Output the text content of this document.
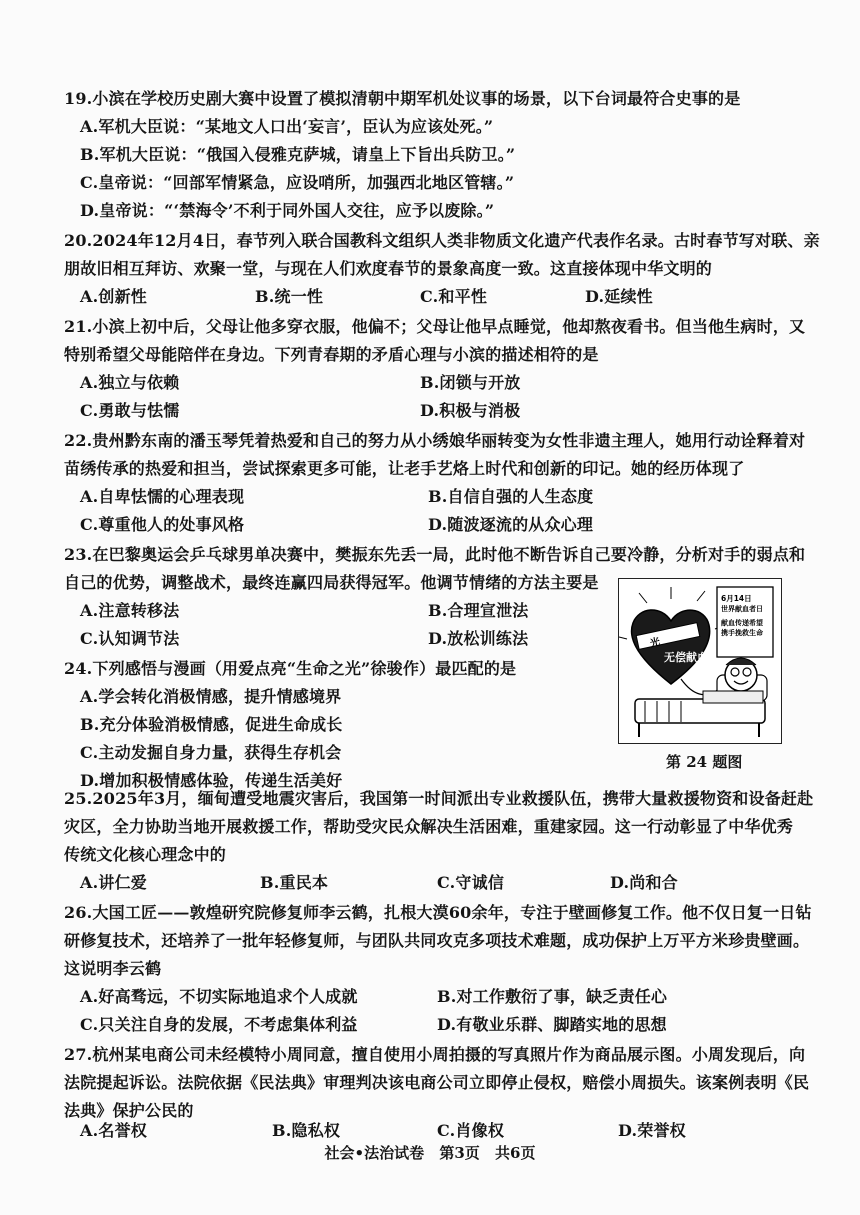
19.小滨在学校历史剧大赛中设置了模拟清朝中期军机处议事的场景，以下台词最符合史事的是
A.军机大臣说：“某地文人口出‘妄言’，臣认为应该处死。”
B.军机大臣说：“俄国入侵雅克萨城，请皇上下旨出兵防卫。”
C.皇帝说：“回部军情紧急，应设哨所，加强西北地区管辖。”
D.皇帝说：“‘禁海令’不利于同外国人交往，应予以废除。”
20.2024年12月4日，春节列入联合国教科文组织人类非物质文化遗产代表作名录。古时春节写对联、亲
朋故旧相互拜访、欢聚一堂，与现在人们欢度春节的景象高度一致。这直接体现中华文明的
A.创新性	B.统一性	C.和平性	D.延续性
21.小滨上初中后，父母让他多穿衣服，他偏不；父母让他早点睡觉，他却熬夜看书。但当他生病时，又
特别希望父母能陪伴在身边。下列青春期的矛盾心理与小滨的描述相符的是
A.独立与依赖	B.闭锁与开放
C.勇敢与怯懦	D.积极与消极
22.贵州黔东南的潘玉琴凭着热爱和自己的努力从小绣娘华丽转变为女性非遗主理人，她用行动诠释着对
苗绣传承的热爱和担当，尝试探索更多可能，让老手艺烙上时代和创新的印记。她的经历体现了
A.自卑怯懦的心理表现	B.自信自强的人生态度
C.尊重他人的处事风格	D.随波逐流的从众心理
23.在巴黎奥运会乒乓球男单决赛中，樊振东先丢一局，此时他不断告诉自己要冷静，分析对手的弱点和
自己的优势，调整战术，最终连赢四局获得冠军。他调节情绪的方法主要是
A.注意转移法	B.合理宣泄法
C.认知调节法	D.放松训练法
24.下列感悟与漫画（用爱点亮“生命之光”徐骏作）最匹配的是
A.学会转化消极情感，提升情感境界
B.充分体验消极情感，促进生命成长
C.主动发掘自身力量，获得生存机会
D.增加积极情感体验，传递生活美好
光
无偿献血
6月14日
世界献血者日
献血传递希望
携手挽救生命
第 24 题图
25.2025年3月，缅甸遭受地震灾害后，我国第一时间派出专业救援队伍，携带大量救援物资和设备赶赴
灾区，全力协助当地开展救援工作，帮助受灾民众解决生活困难，重建家园。这一行动彰显了中华优秀
传统文化核心理念中的
A.讲仁爱	B.重民本	C.守诚信	D.尚和合
26.大国工匠——敦煌研究院修复师李云鹤，扎根大漠60余年，专注于壁画修复工作。他不仅日复一日钻
研修复技术，还培养了一批年轻修复师，与团队共同攻克多项技术难题，成功保护上万平方米珍贵壁画。
这说明李云鹤
A.好高骛远，不切实际地追求个人成就	B.对工作敷衍了事，缺乏责任心
C.只关注自身的发展，不考虑集体利益	D.有敬业乐群、脚踏实地的思想
27.杭州某电商公司未经模特小周同意，擅自使用小周拍摄的写真照片作为商品展示图。小周发现后，向
法院提起诉讼。法院依据《民法典》审理判决该电商公司立即停止侵权，赔偿小周损失。该案例表明《民
法典》保护公民的
A.名誉权	B.隐私权	C.肖像权	D.荣誉权
社会•法治试卷 第3页 共6页
